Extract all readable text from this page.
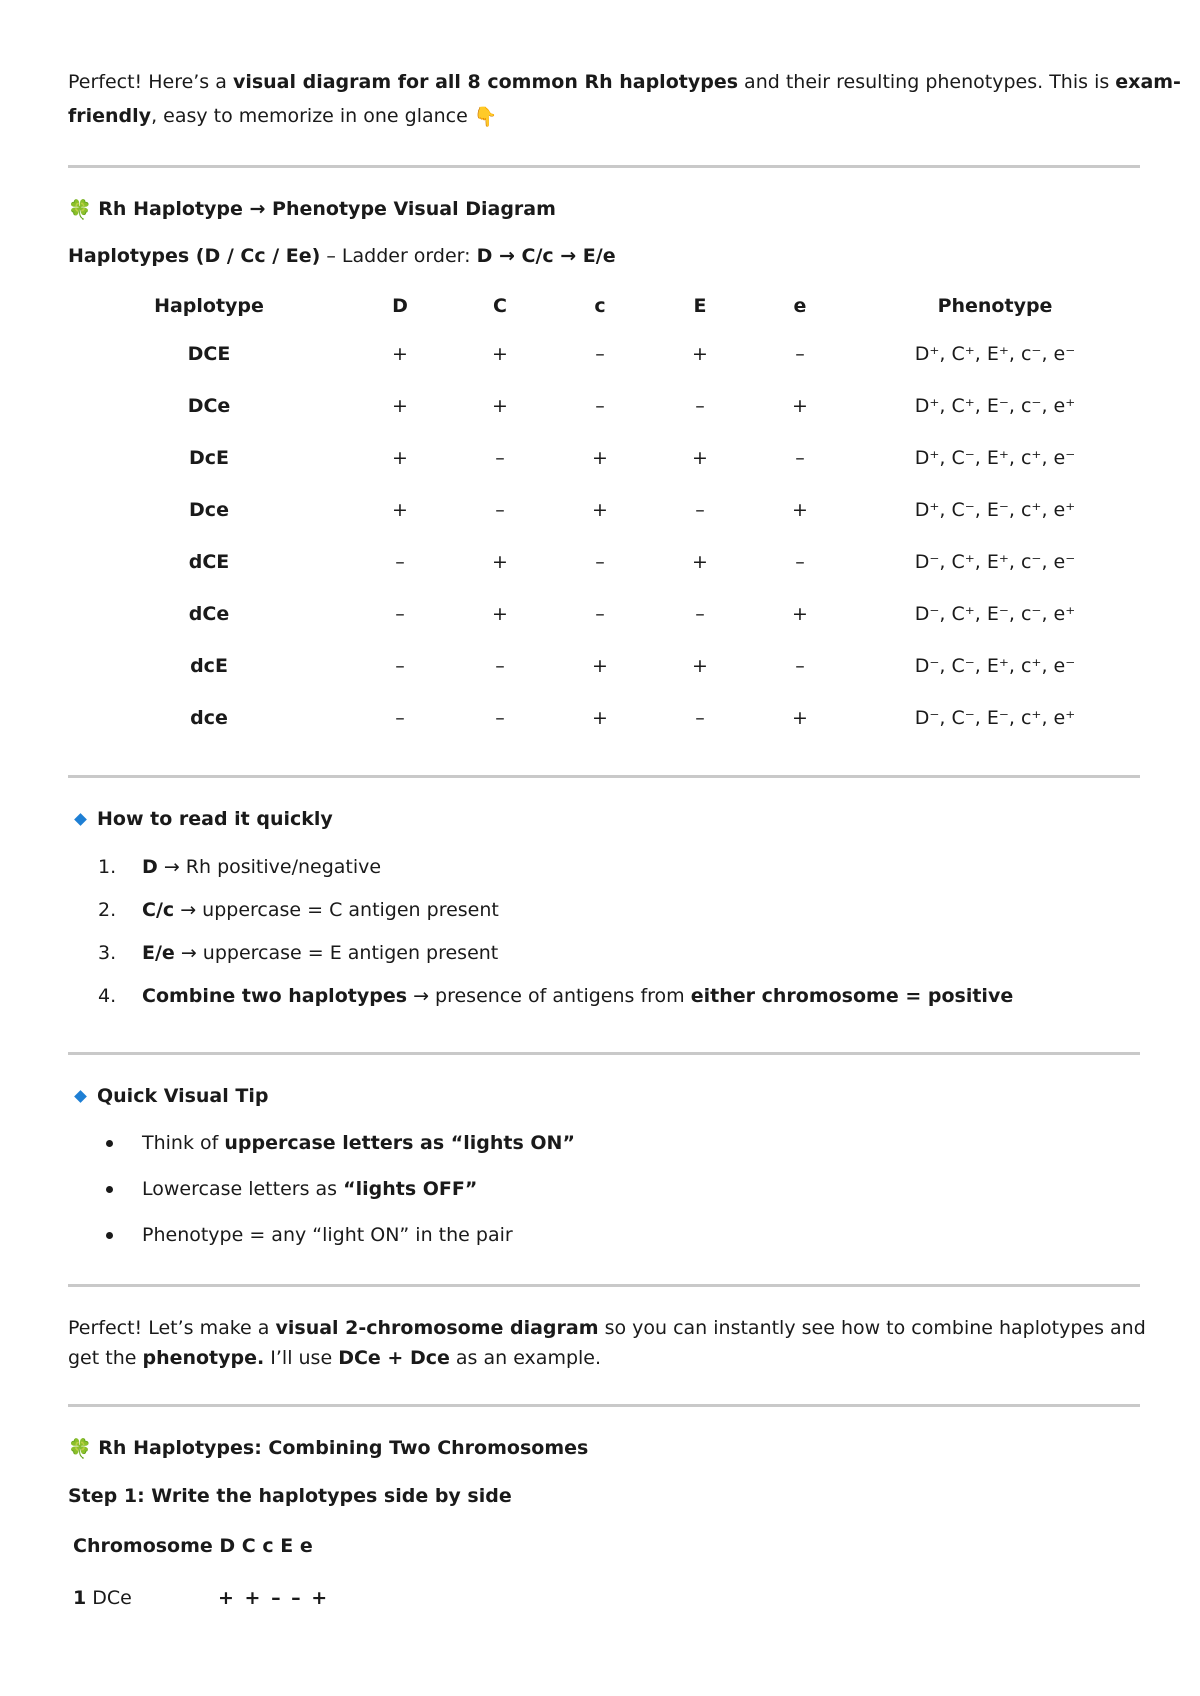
Perfect! Here’s a visual diagram for all 8 common Rh haplotypes and their resulting phenotypes. This is exam-
friendly, easy to memorize in one glance 👇
🍀 Rh Haplotype → Phenotype Visual Diagram
Haplotypes (D / Cc / Ee) – Ladder order: D → C/c → E/e
Haplotype	D	C	c	E	e	Phenotype
DCE	+	+	–	+	–	D⁺, C⁺, E⁺, c⁻, e⁻
DCe	+	+	–	–	+	D⁺, C⁺, E⁻, c⁻, e⁺
DcE	+	–	+	+	–	D⁺, C⁻, E⁺, c⁺, e⁻
Dce	+	–	+	–	+	D⁺, C⁻, E⁻, c⁺, e⁺
dCE	–	+	–	+	–	D⁻, C⁺, E⁺, c⁻, e⁻
dCe	–	+	–	–	+	D⁻, C⁺, E⁻, c⁻, e⁺
dcE	–	–	+	+	–	D⁻, C⁻, E⁺, c⁺, e⁻
dce	–	–	+	–	+	D⁻, C⁻, E⁻, c⁺, e⁺
How to read it quickly
1. D → Rh positive/negative
2. C/c → uppercase = C antigen present
3. E/e → uppercase = E antigen present
4. Combine two haplotypes → presence of antigens from either chromosome = positive
Quick Visual Tip
Think of uppercase letters as “lights ON”
Lowercase letters as “lights OFF”
Phenotype = any “light ON” in the pair
Perfect! Let’s make a visual 2-chromosome diagram so you can instantly see how to combine haplotypes and
get the phenotype. I’ll use DCe + Dce as an example.
🍀 Rh Haplotypes: Combining Two Chromosomes
Step 1: Write the haplotypes side by side
Chromosome D C c E e
1 DCe	+ + – – +
